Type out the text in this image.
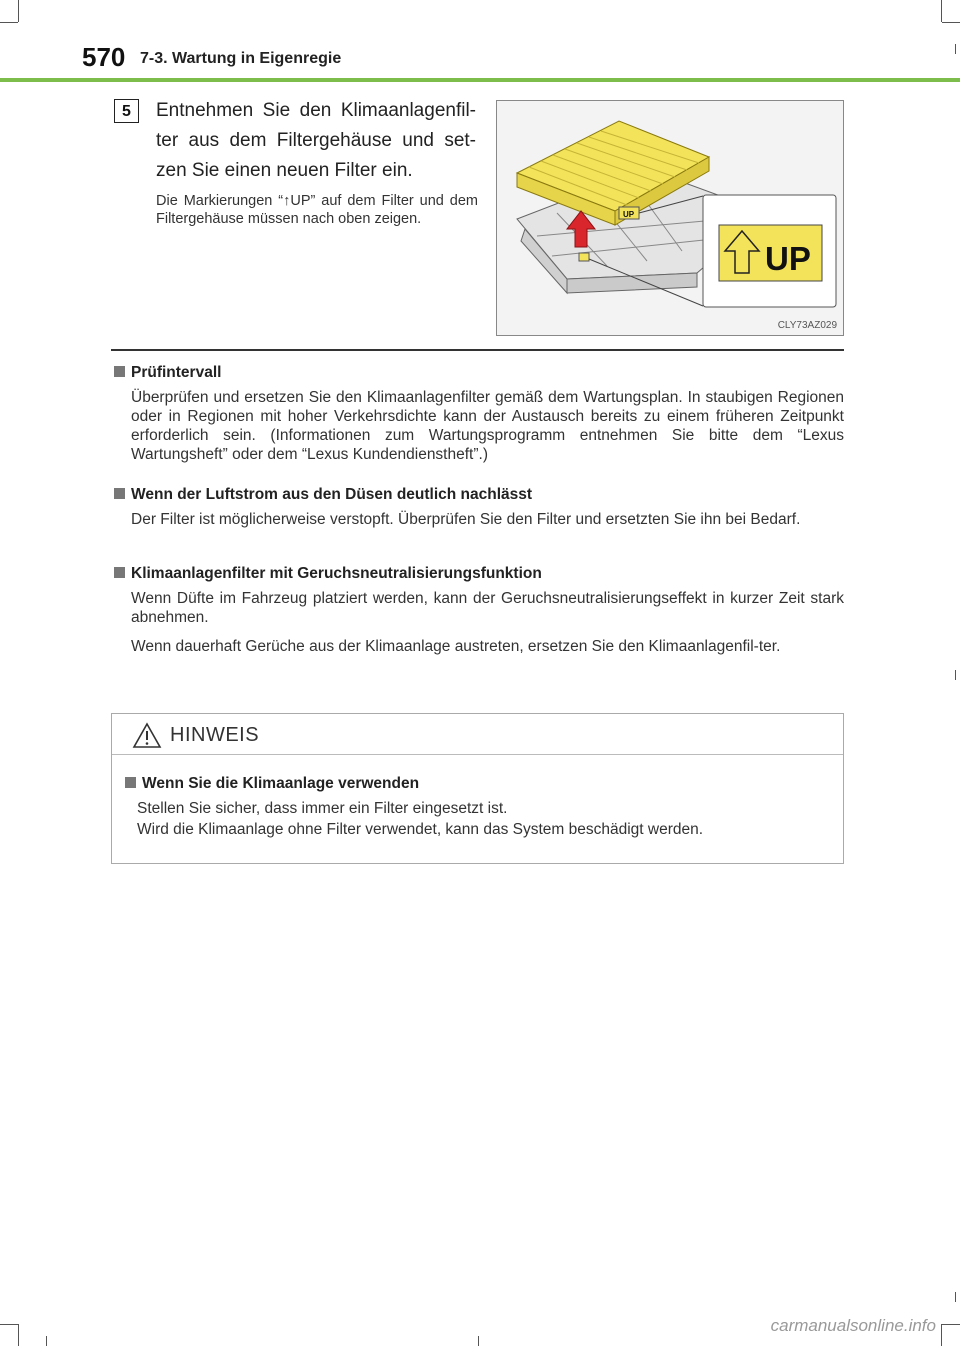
570 7-3. Wartung in Eigenregie
5	Entnehmen Sie den Klimaanlagenfil-ter aus dem Filtergehäuse und set-zen Sie einen neuen Filter ein.
Die Markierungen “↑UP” auf dem Filter und dem Filtergehäuse müssen nach oben zeigen.	UP
UP
CLY73AZ029

Prüfintervall

Überprüfen und ersetzen Sie den Klimaanlagenfilter gemäß dem Wartungsplan. In staubigen Regionen oder in Regionen mit hoher Verkehrsdichte kann der Austausch bereits zu einem früheren Zeitpunkt erforderlich sein. (Informationen zum Wartungsprogramm entnehmen Sie bitte dem “Lexus Wartungsheft” oder dem “Lexus Kundendienstheft”.)

Wenn der Luftstrom aus den Düsen deutlich nachlässt

Der Filter ist möglicherweise verstopft. Überprüfen Sie den Filter und ersetzten Sie ihn bei Bedarf.

Klimaanlagenfilter mit Geruchsneutralisierungsfunktion

Wenn Düfte im Fahrzeug platziert werden, kann der Geruchsneutralisierungseffekt in kurzer Zeit stark abnehmen.

Wenn dauerhaft Gerüche aus der Klimaanlage austreten, ersetzen Sie den Klimaanlagenfil-ter.

HINWEIS
Wenn Sie die Klimaanlage verwenden
Stellen Sie sicher, dass immer ein Filter eingesetzt ist.
Wird die Klimaanlage ohne Filter verwendet, kann das System beschädigt werden.
carmanualsonline.info
